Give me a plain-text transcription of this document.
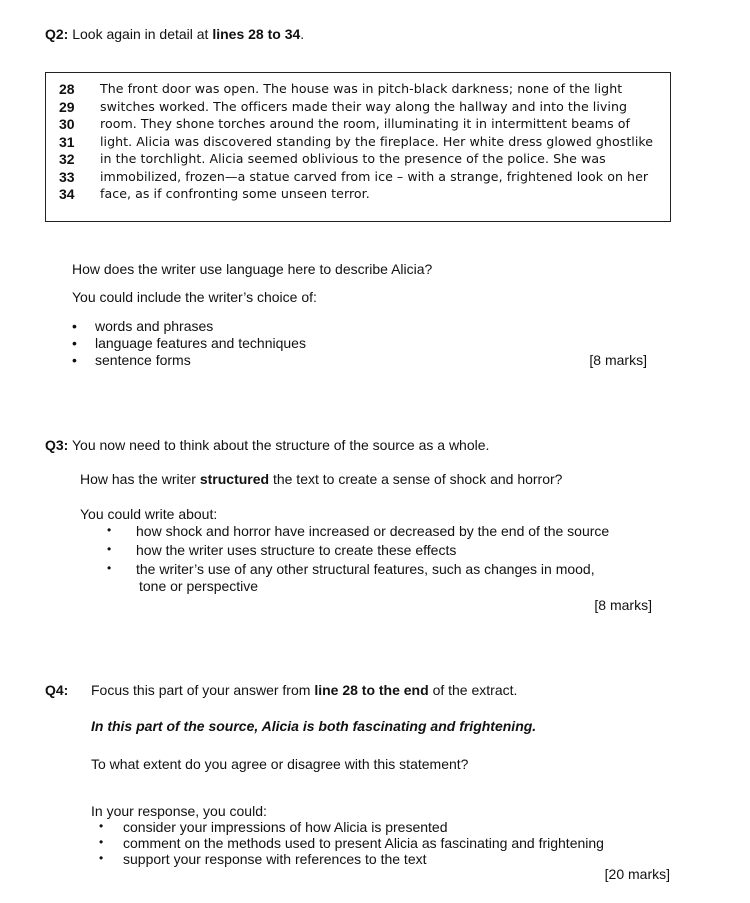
Q2: Look again in detail at lines 28 to 34.
28	The front door was open. The house was in pitch-black darkness; none of the light
29	switches worked. The officers made their way along the hallway and into the living
30	room. They shone torches around the room, illuminating it in intermittent beams of
31	light. Alicia was discovered standing by the fireplace. Her white dress glowed ghostlike
32	in the torchlight. Alicia seemed oblivious to the presence of the police. She was
33	immobilized, frozen—a statue carved from ice – with a strange, frightened look on her
34	face, as if confronting some unseen terror.
How does the writer use language here to describe Alicia?
You could include the writer’s choice of:
• words and phrases
• language features and techniques
• sentence forms	[8 marks]
Q3: You now need to think about the structure of the source as a whole.
How has the writer structured the text to create a sense of shock and horror?
You could write about:
• how shock and horror have increased or decreased by the end of the source
• how the writer uses structure to create these effects
• the writer’s use of any other structural features, such as changes in mood,
tone or perspective
[8 marks]
Q4: Focus this part of your answer from line 28 to the end of the extract.
In this part of the source, Alicia is both fascinating and frightening.
To what extent do you agree or disagree with this statement?
In your response, you could:
• consider your impressions of how Alicia is presented
• comment on the methods used to present Alicia as fascinating and frightening
• support your response with references to the text
[20 marks]
